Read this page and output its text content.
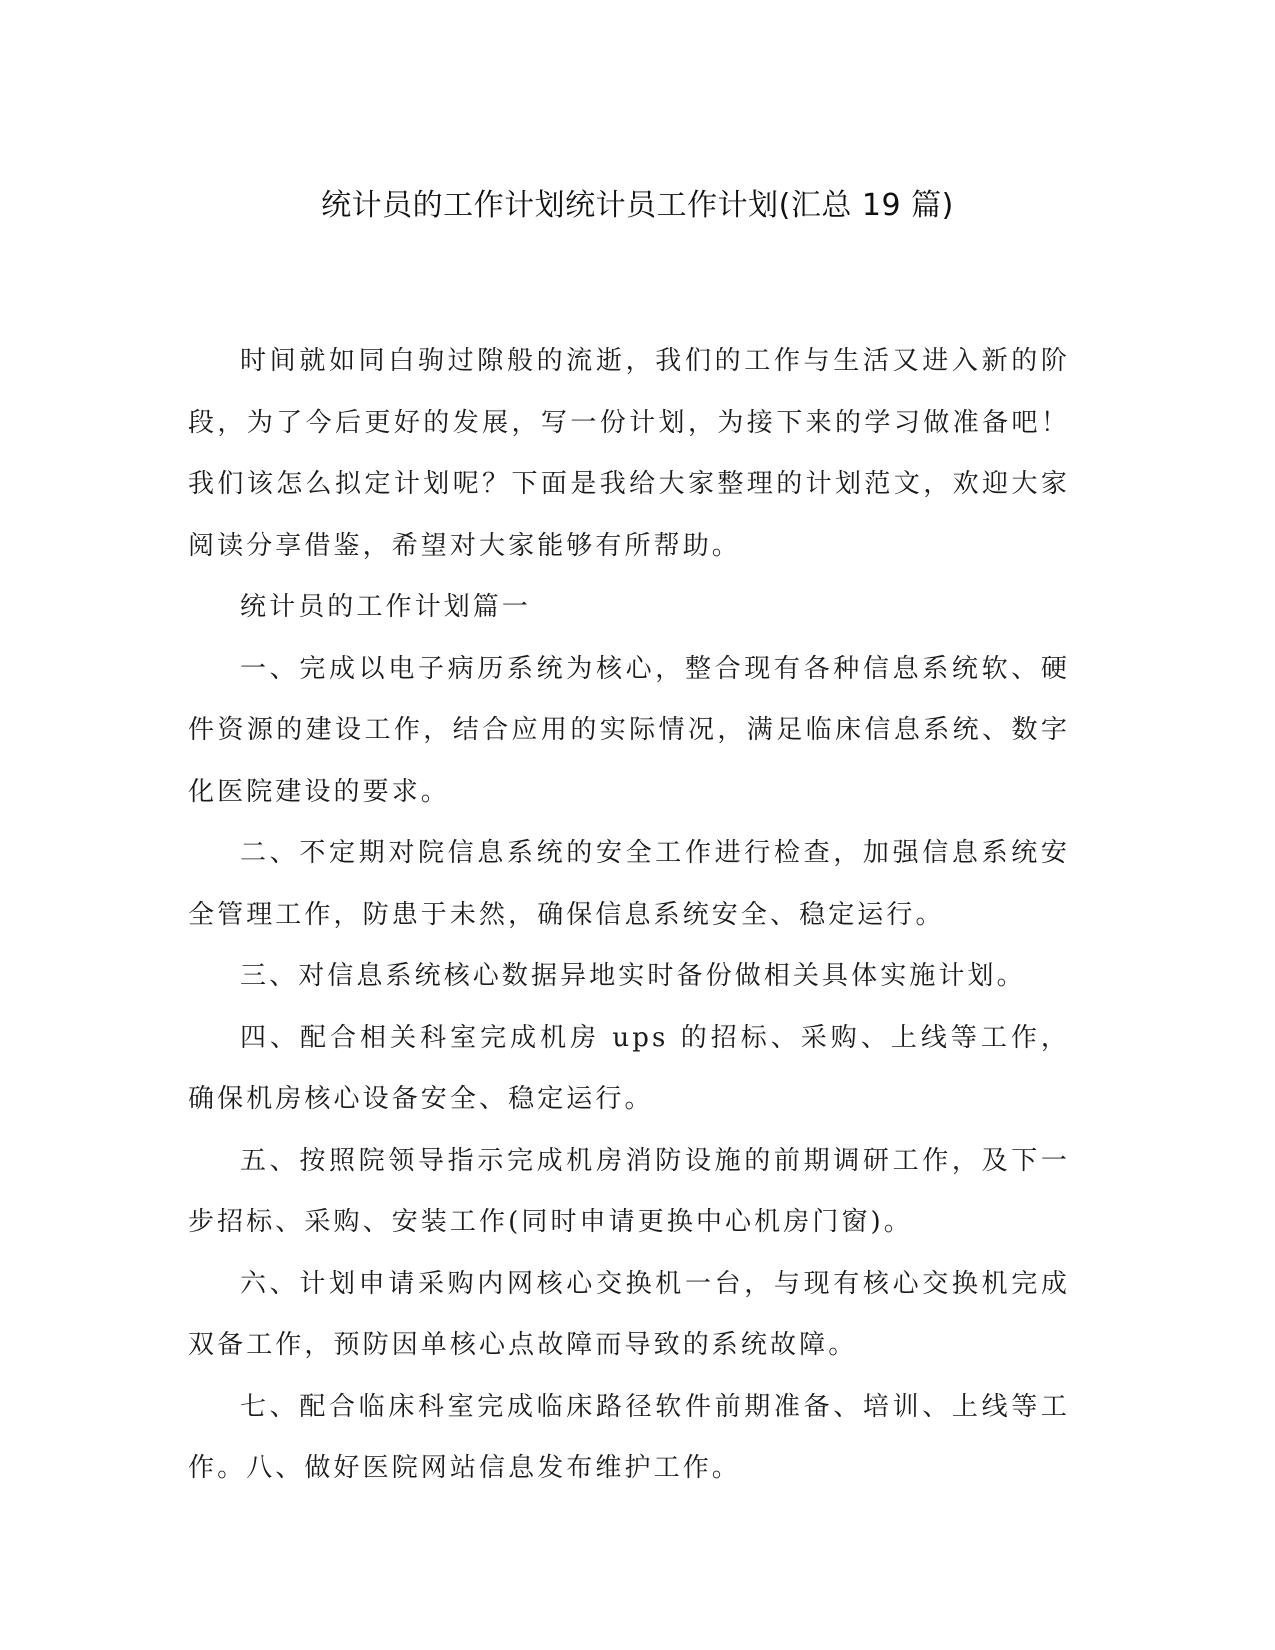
统计员的工作计划统计员工作计划(汇总 19 篇)

时间就如同白驹过隙般的流逝，我们的工作与生活又进入新的阶段，为了今后更好的发展，写一份计划，为接下来的学习做准备吧！我们该怎么拟定计划呢？下面是我给大家整理的计划范文，欢迎大家阅读分享借鉴，希望对大家能够有所帮助。

统计员的工作计划篇一

一、完成以电子病历系统为核心，整合现有各种信息系统软、硬件资源的建设工作，结合应用的实际情况，满足临床信息系统、数字化医院建设的要求。

二、不定期对院信息系统的安全工作进行检查，加强信息系统安全管理工作，防患于未然，确保信息系统安全、稳定运行。

三、对信息系统核心数据异地实时备份做相关具体实施计划。

四、配合相关科室完成机房 ups 的招标、采购、上线等工作，确保机房核心设备安全、稳定运行。

五、按照院领导指示完成机房消防设施的前期调研工作，及下一步招标、采购、安装工作(同时申请更换中心机房门窗)。

六、计划申请采购内网核心交换机一台，与现有核心交换机完成双备工作，预防因单核心点故障而导致的系统故障。

七、配合临床科室完成临床路径软件前期准备、培训、上线等工作。八、做好医院网站信息发布维护工作。
